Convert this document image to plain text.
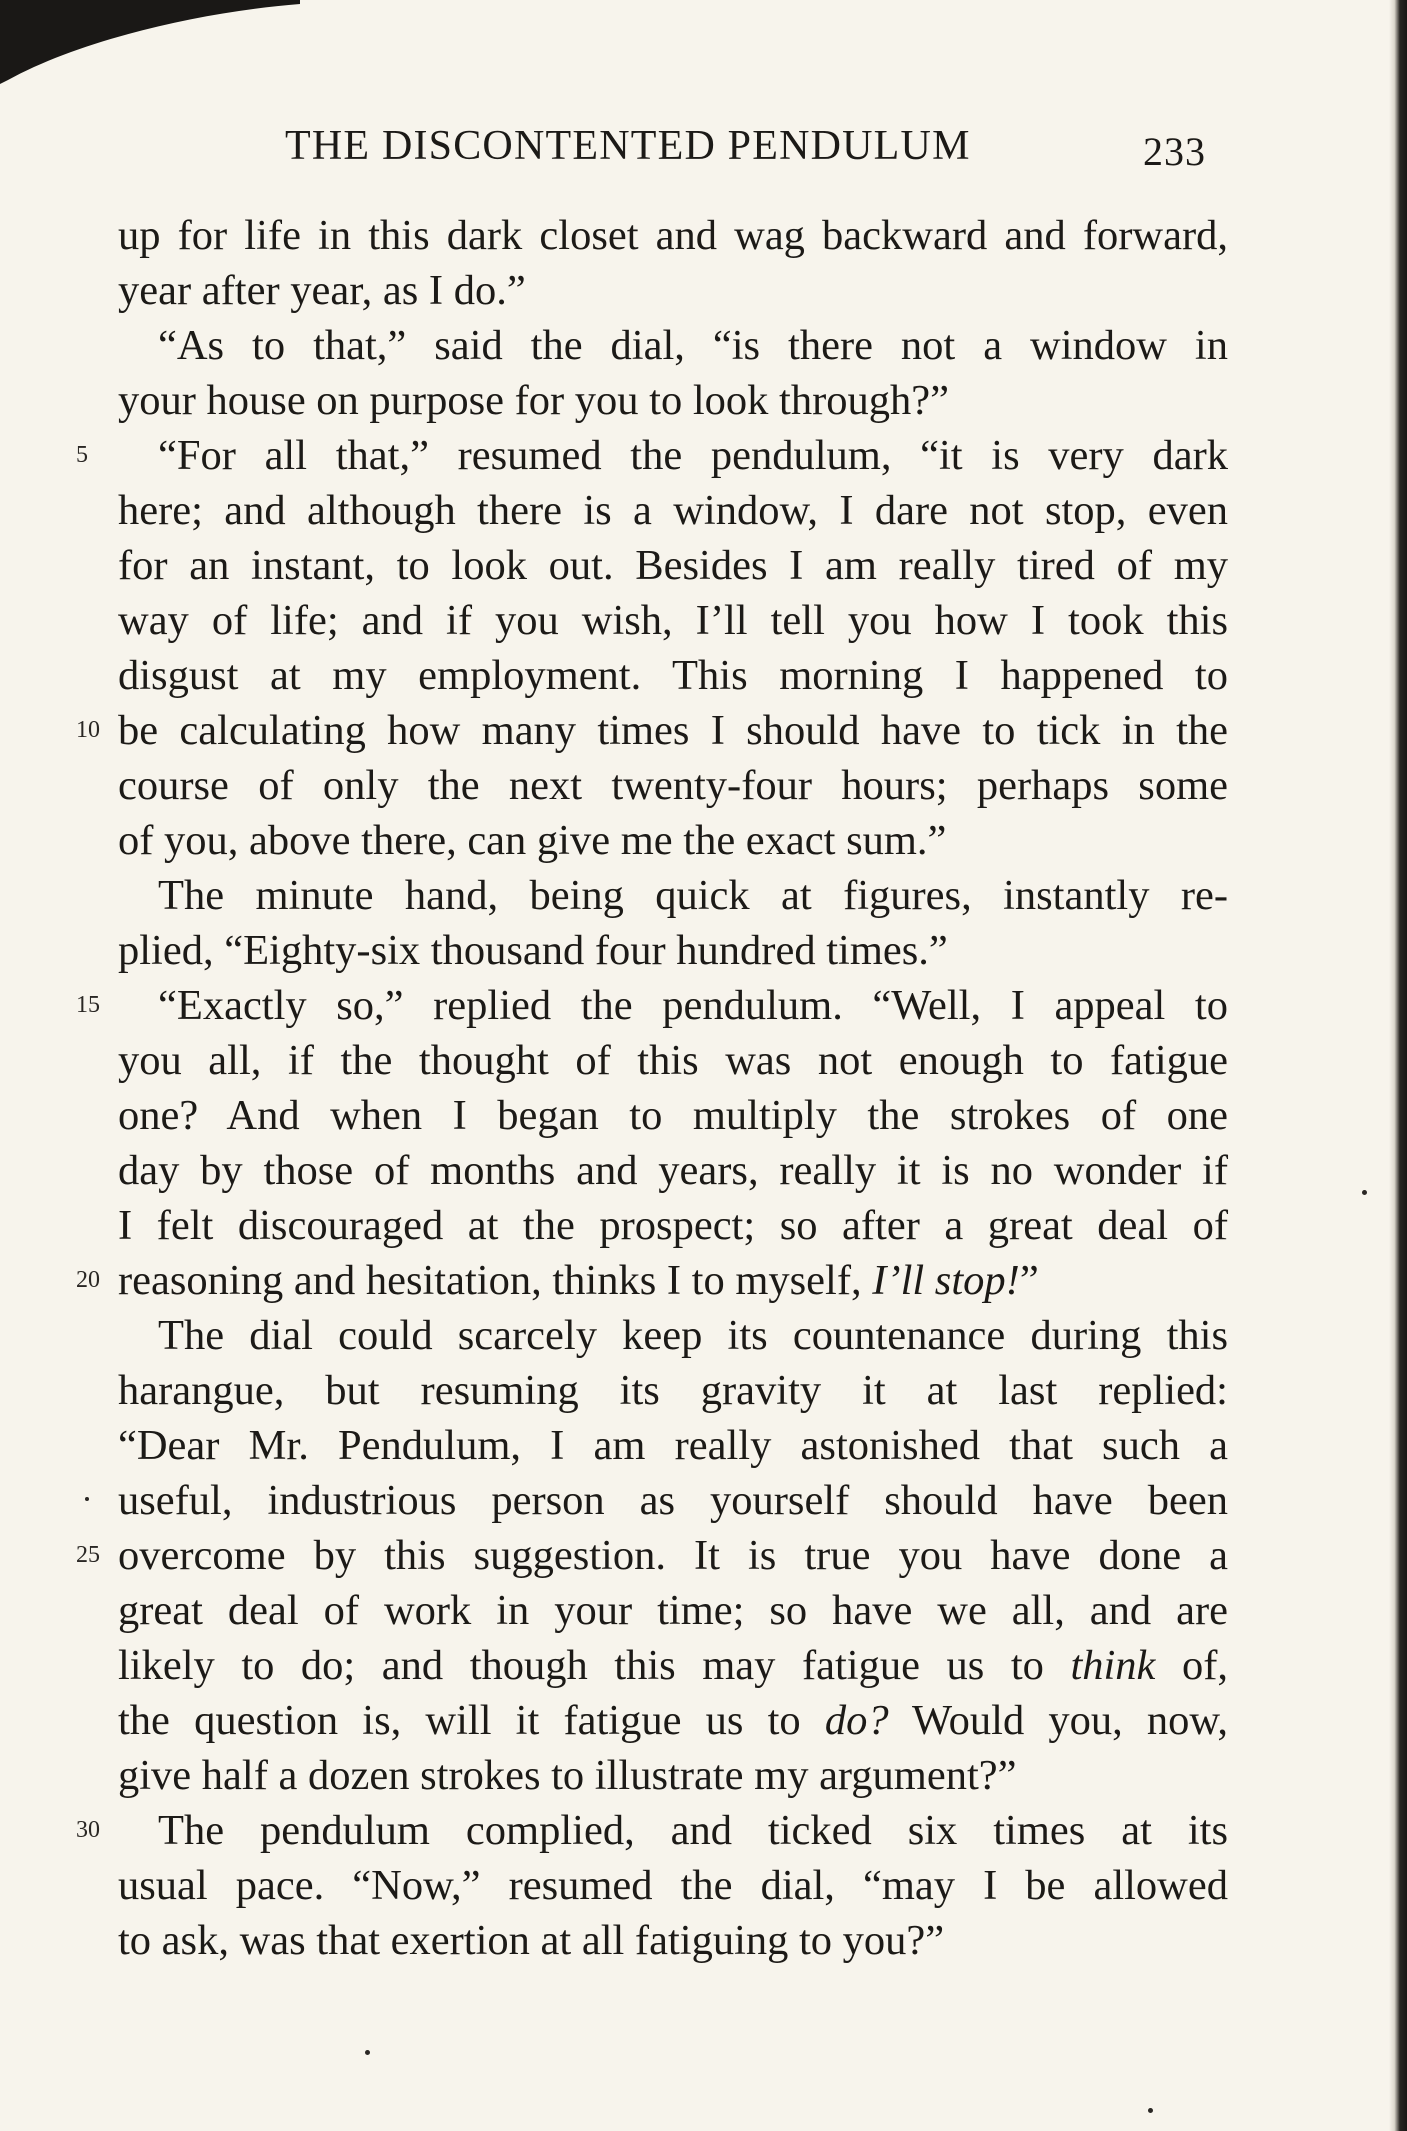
THE DISCONTENTED PENDULUM	233
up for life in this dark closet and wag backward and forward,
year after year, as I do.”
“As to that,” said the dial, “is there not a window in
your house on purpose for you to look through?”
5 “For all that,” resumed the pendulum, “it is very dark
here; and although there is a window, I dare not stop, even
for an instant, to look out. Besides I am really tired of my
way of life; and if you wish, I’ll tell you how I took this
disgust at my employment. This morning I happened to
10 be calculating how many times I should have to tick in the
course of only the next twenty-four hours; perhaps some
of you, above there, can give me the exact sum.”
The minute hand, being quick at figures, instantly re-
plied, “Eighty-six thousand four hundred times.”
15 “Exactly so,” replied the pendulum. “Well, I appeal to
you all, if the thought of this was not enough to fatigue
one? And when I began to multiply the strokes of one
day by those of months and years, really it is no wonder if
I felt discouraged at the prospect; so after a great deal of
20 reasoning and hesitation, thinks I to myself, I’ll stop!”
The dial could scarcely keep its countenance during this
harangue, but resuming its gravity it at last replied:
“Dear Mr. Pendulum, I am really astonished that such a
useful, industrious person as yourself should have been
25 overcome by this suggestion. It is true you have done a
great deal of work in your time; so have we all, and are
likely to do; and though this may fatigue us to think of,
the question is, will it fatigue us to do? Would you, now,
give half a dozen strokes to illustrate my argument?”
30 The pendulum complied, and ticked six times at its
usual pace. “Now,” resumed the dial, “may I be allowed
to ask, was that exertion at all fatiguing to you?”
